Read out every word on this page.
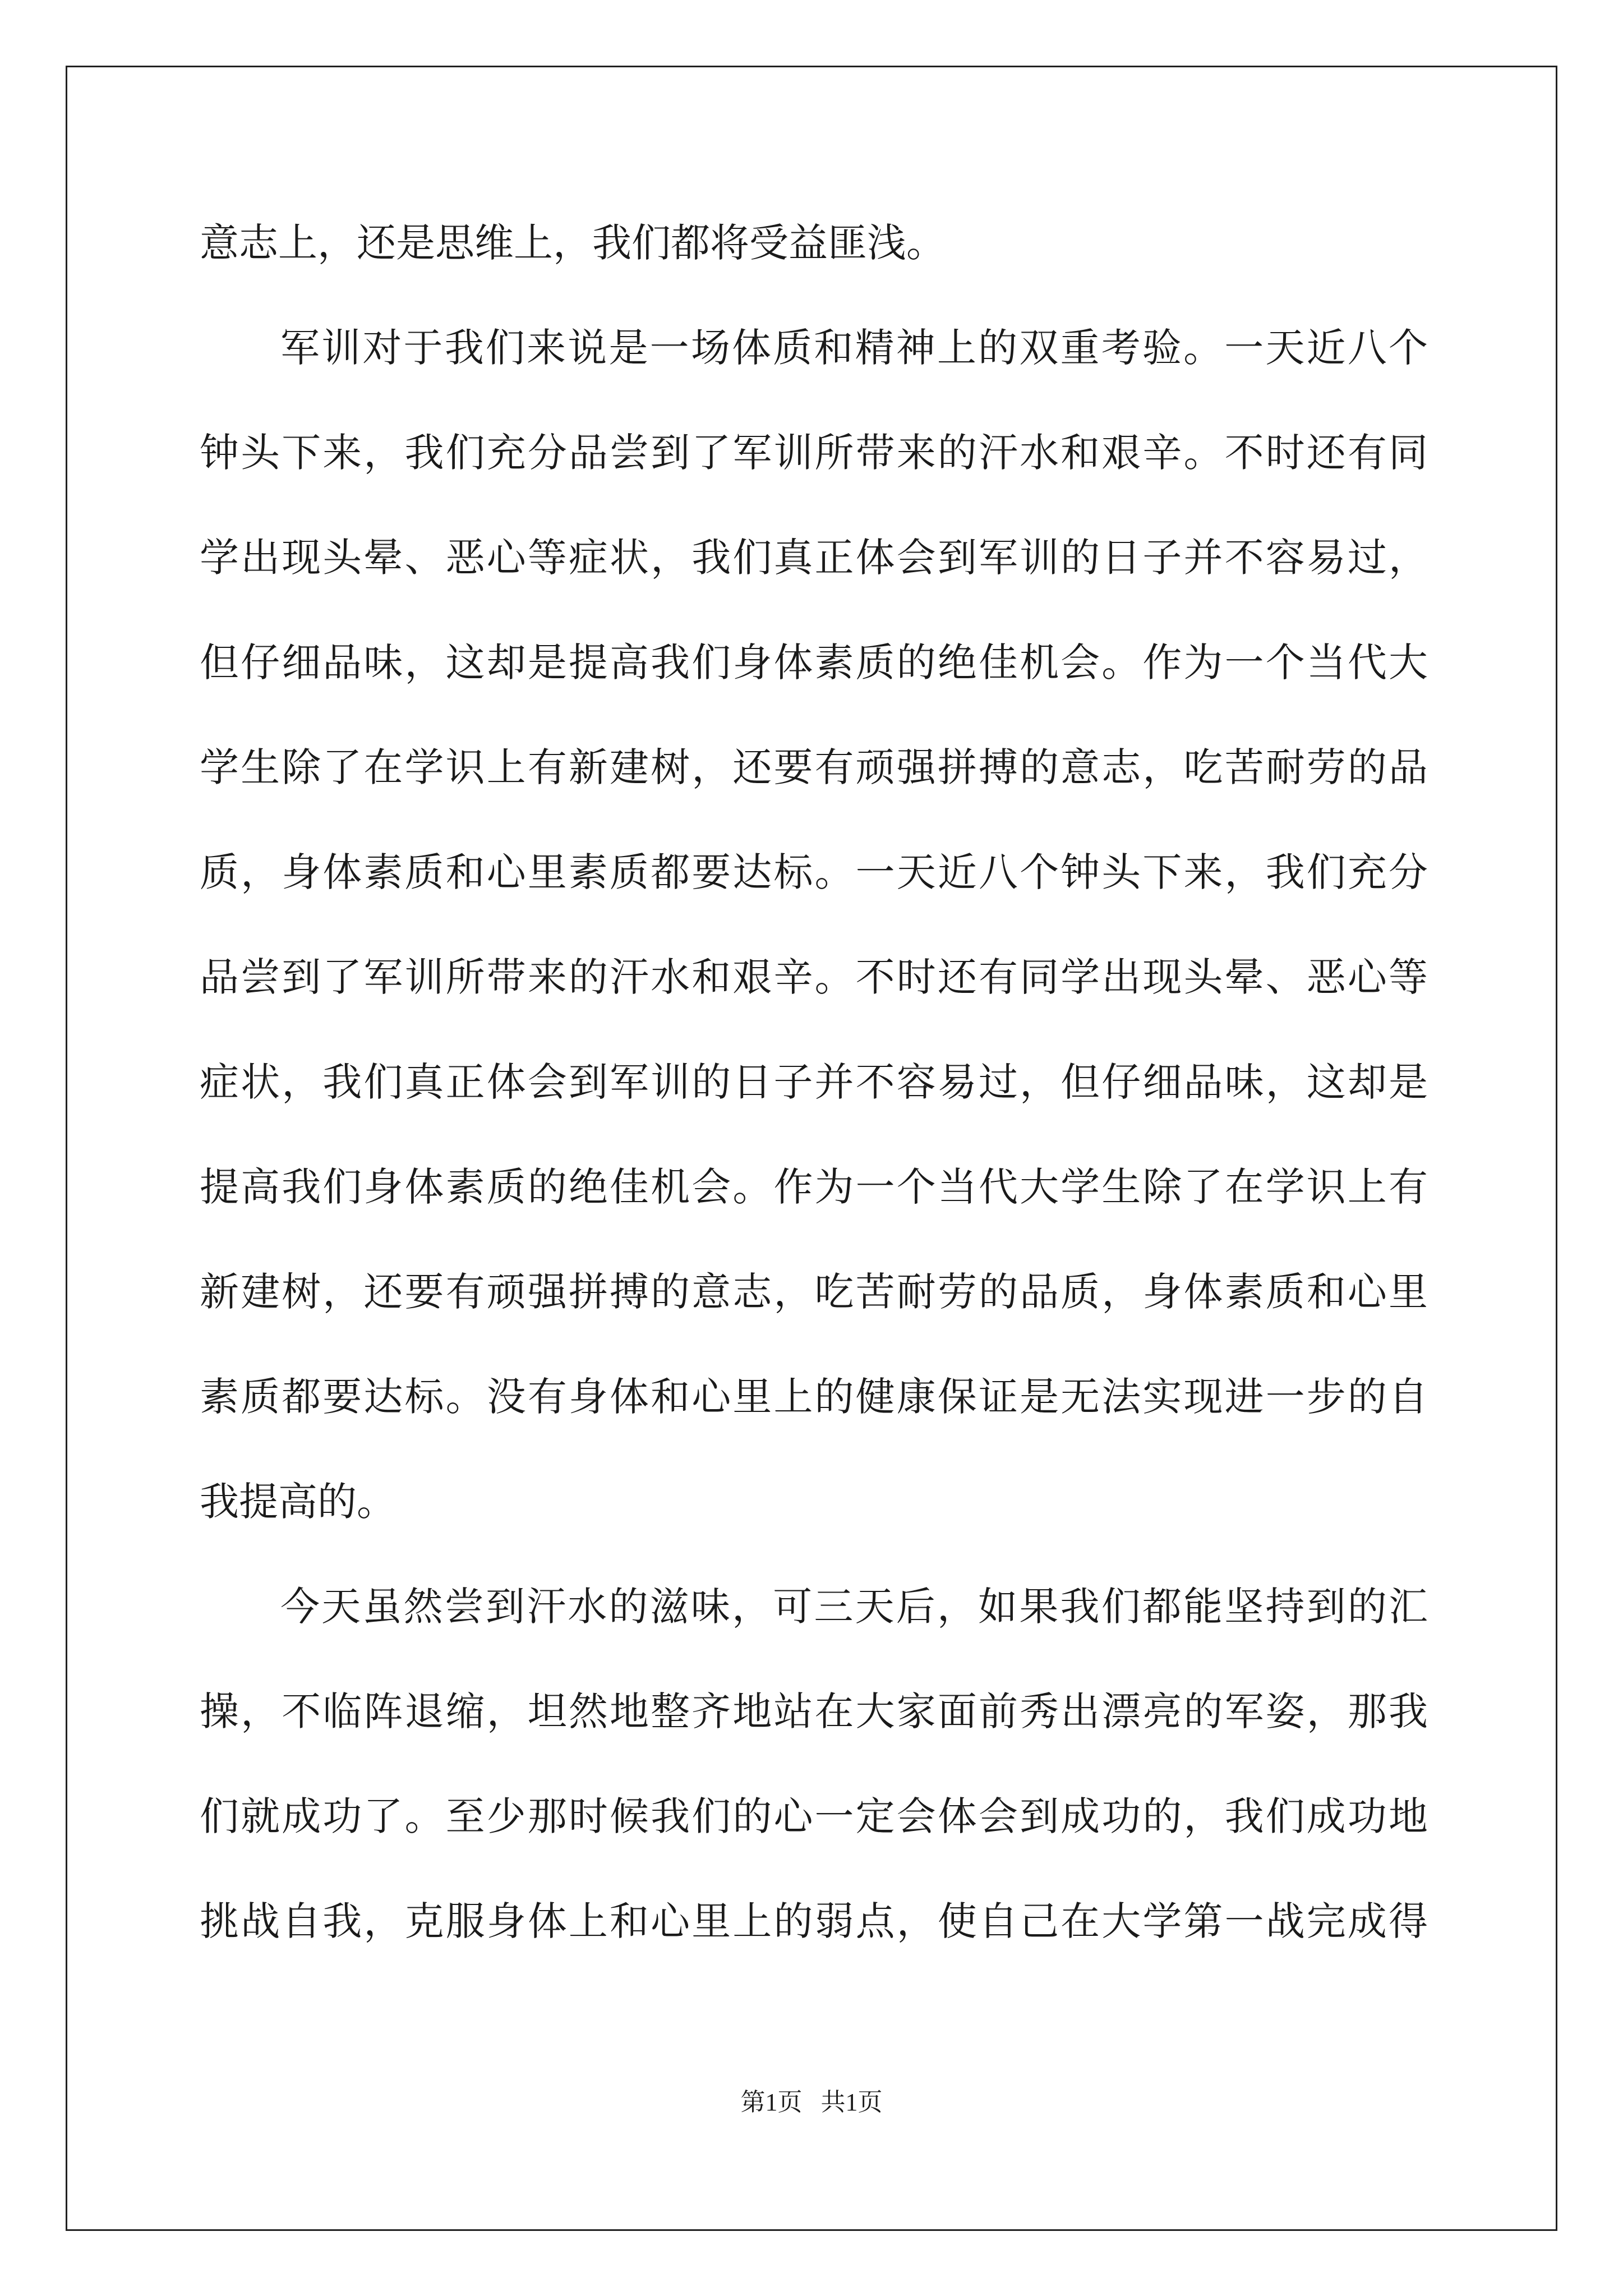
意志上，还是思维上，我们都将受益匪浅。
军训对于我们来说是一场体质和精神上的双重考验。一天近八个
钟头下来，我们充分品尝到了军训所带来的汗水和艰辛。不时还有同
学出现头晕、恶心等症状，我们真正体会到军训的日子并不容易过，
但仔细品味，这却是提高我们身体素质的绝佳机会。作为一个当代大
学生除了在学识上有新建树，还要有顽强拼搏的意志，吃苦耐劳的品
质，身体素质和心里素质都要达标。一天近八个钟头下来，我们充分
品尝到了军训所带来的汗水和艰辛。不时还有同学出现头晕、恶心等
症状，我们真正体会到军训的日子并不容易过，但仔细品味，这却是
提高我们身体素质的绝佳机会。作为一个当代大学生除了在学识上有
新建树，还要有顽强拼搏的意志，吃苦耐劳的品质，身体素质和心里
素质都要达标。没有身体和心里上的健康保证是无法实现进一步的自
我提高的。
今天虽然尝到汗水的滋味，可三天后，如果我们都能坚持到的汇
操，不临阵退缩，坦然地整齐地站在大家面前秀出漂亮的军姿，那我
们就成功了。至少那时候我们的心一定会体会到成功的，我们成功地
挑战自我，克服身体上和心里上的弱点，使自己在大学第一战完成得
第1页 共1页
